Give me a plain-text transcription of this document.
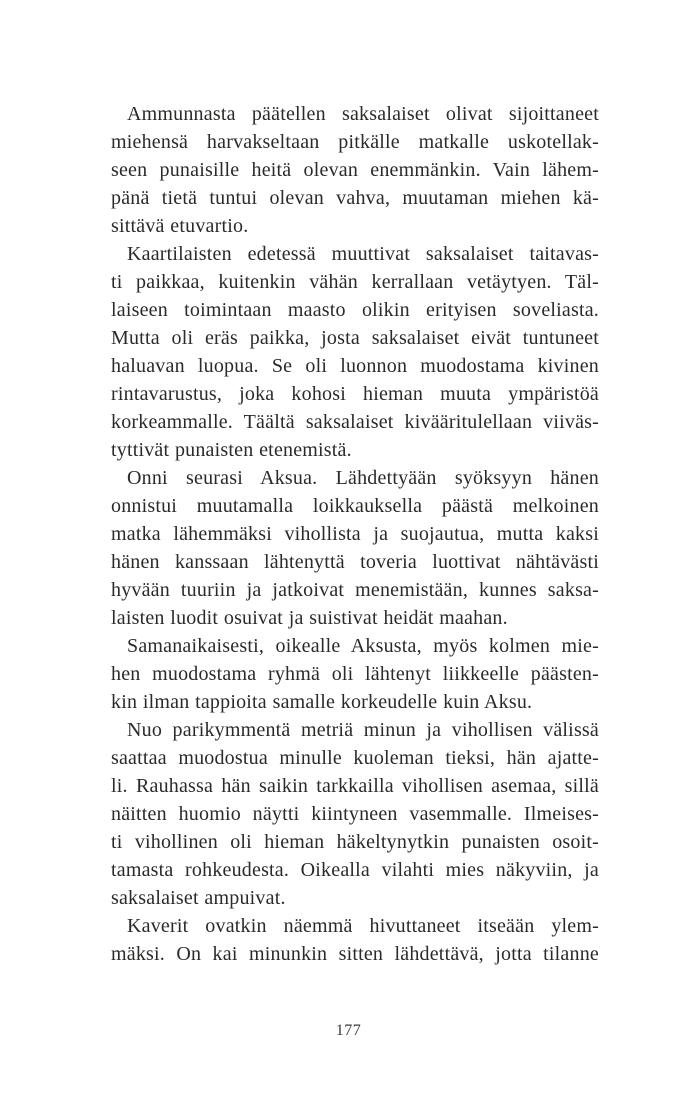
Ammunnasta päätellen saksalaiset olivat sijoittaneet
miehensä harvakseltaan pitkälle matkalle uskotellak-
seen punaisille heitä olevan enemmänkin. Vain lähem-
pänä tietä tuntui olevan vahva, muutaman miehen kä-
sittävä etuvartio.

Kaartilaisten edetessä muuttivat saksalaiset taitavas-
ti paikkaa, kuitenkin vähän kerrallaan vetäytyen. Täl-
laiseen toimintaan maasto olikin erityisen soveliasta.
Mutta oli eräs paikka, josta saksalaiset eivät tuntuneet
haluavan luopua. Se oli luonnon muodostama kivinen
rintavarustus, joka kohosi hieman muuta ympäristöä
korkeammalle. Täältä saksalaiset kivääritulellaan viiväs-
tyttivät punaisten etenemistä.

Onni seurasi Aksua. Lähdettyään syöksyyn hänen
onnistui muutamalla loikkauksella päästä melkoinen
matka lähemmäksi vihollista ja suojautua, mutta kaksi
hänen kanssaan lähtenyttä toveria luottivat nähtävästi
hyvään tuuriin ja jatkoivat menemistään, kunnes saksa-
laisten luodit osuivat ja suistivat heidät maahan.

Samanaikaisesti, oikealle Aksusta, myös kolmen mie-
hen muodostama ryhmä oli lähtenyt liikkeelle päästen-
kin ilman tappioita samalle korkeudelle kuin Aksu.

Nuo parikymmentä metriä minun ja vihollisen välissä
saattaa muodostua minulle kuoleman tieksi, hän ajatte-
li. Rauhassa hän saikin tarkkailla vihollisen asemaa, sillä
näitten huomio näytti kiintyneen vasemmalle. Ilmeises-
ti vihollinen oli hieman häkeltynytkin punaisten osoit-
tamasta rohkeudesta. Oikealla vilahti mies näkyviin, ja
saksalaiset ampuivat.

Kaverit ovatkin näemmä hivuttaneet itseään ylem-
mäksi. On kai minunkin sitten lähdettävä, jotta tilanne

177
